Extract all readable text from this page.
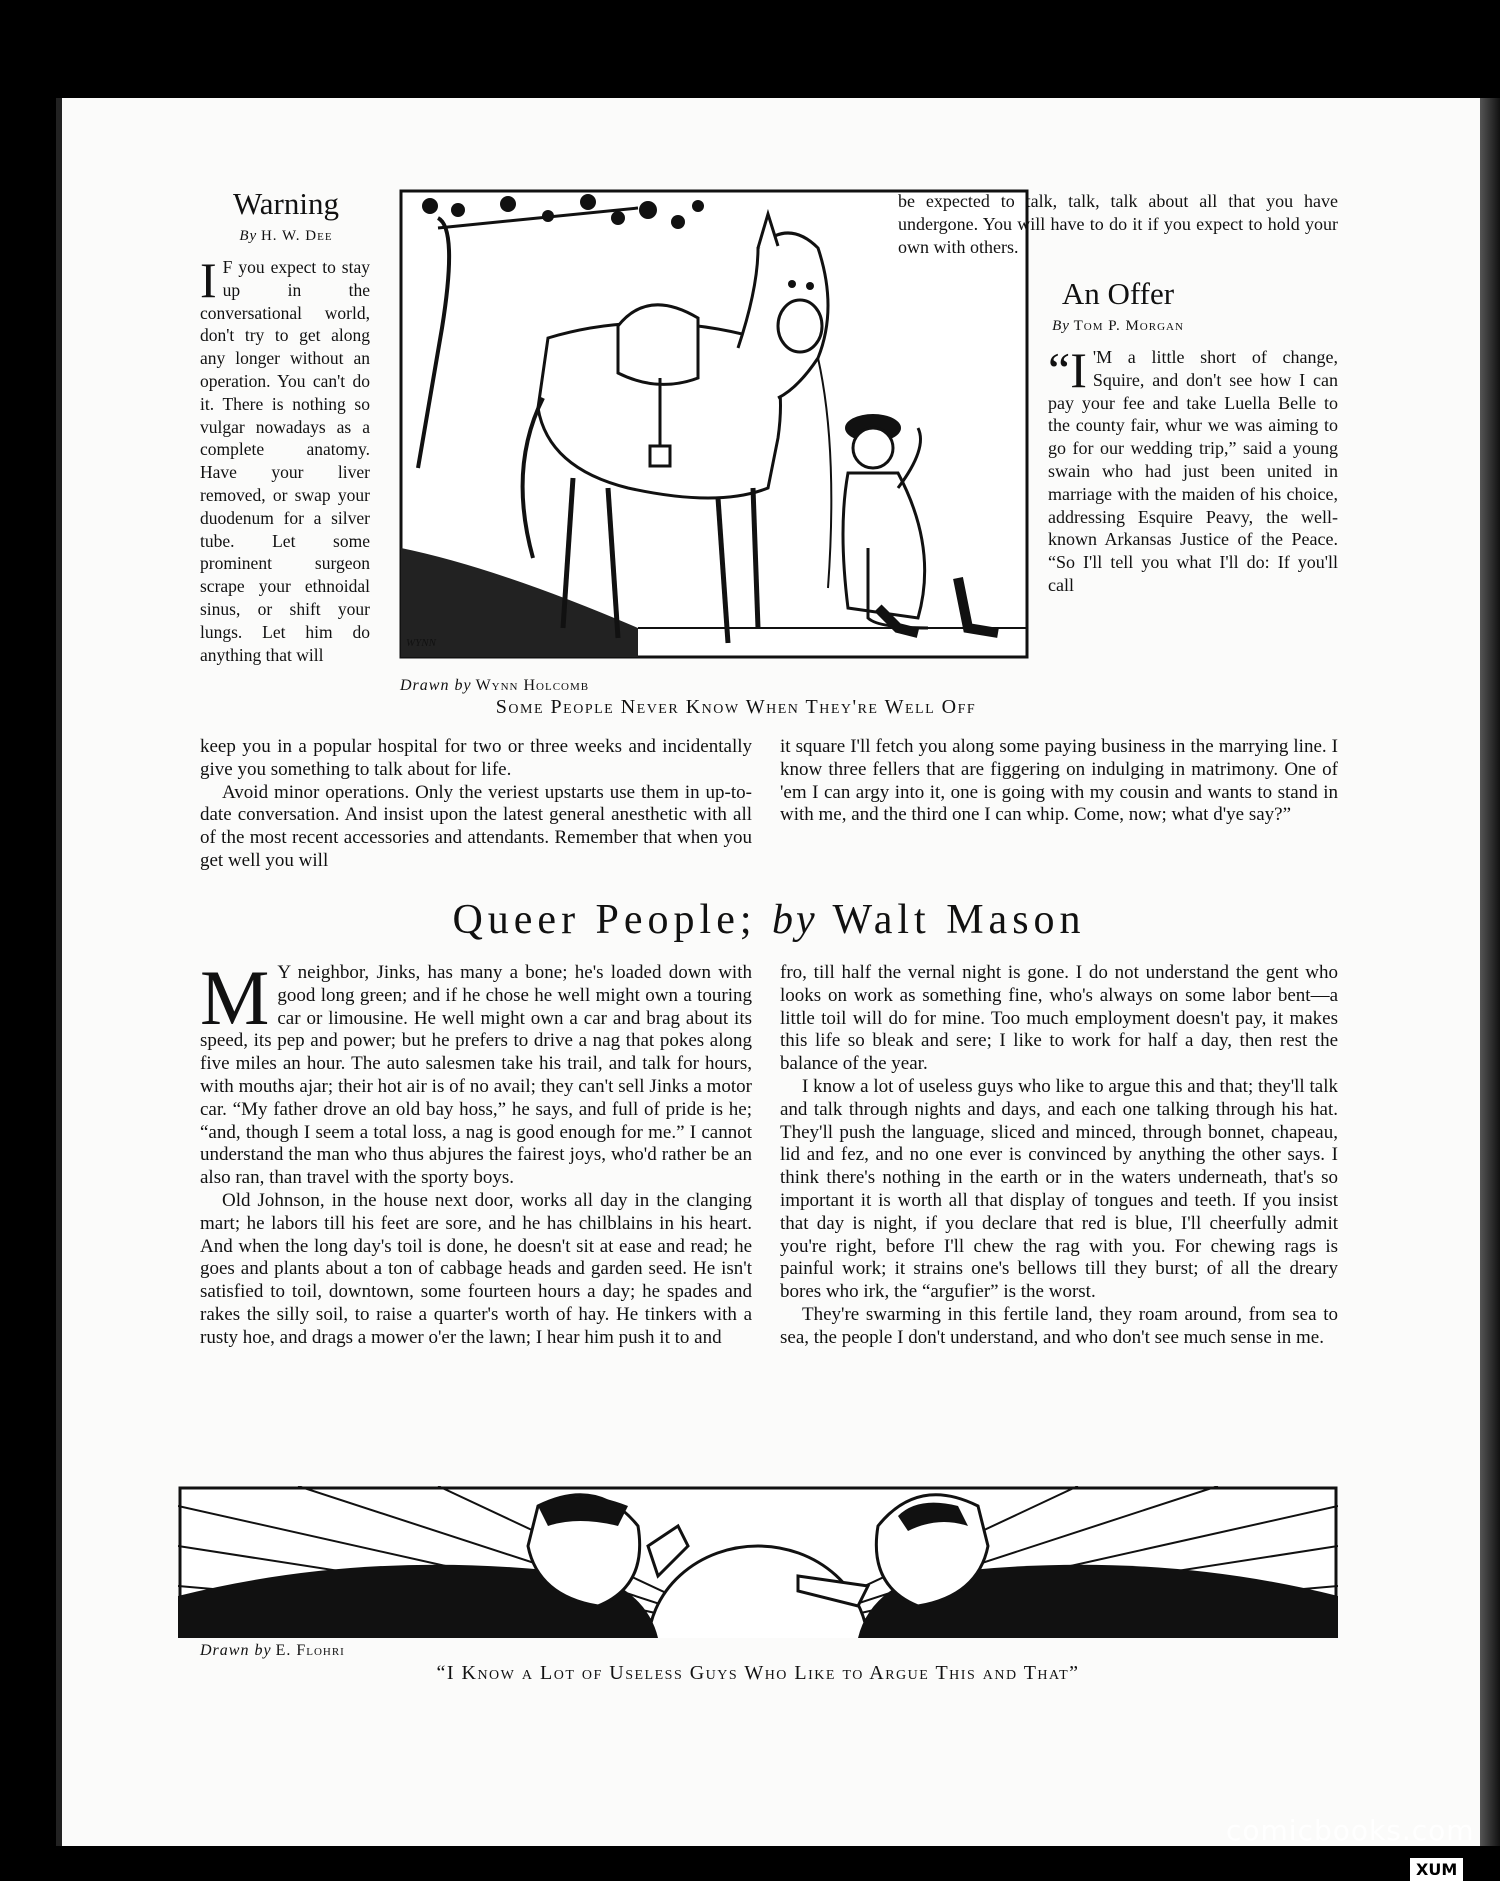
Warning
By H. W. Dee

I F you expect to stay up in the conversational world, don't try to get along any longer without an operation. You can't do it. There is nothing so vulgar nowadays as a complete anatomy. Have your liver removed, or swap your duodenum for a silver tube. Let some prominent surgeon scrape your ethnoidal sinus, or shift your lungs. Let him do anything that will

keep you in a popular hospital for two or three weeks and incidentally give you something to talk about for life.

Avoid minor operations. Only the veriest upstarts use them in up-to-date conversation. And insist upon the latest general anesthetic with all of the most recent accessories and attendants. Remember that when you get well you will

WYNN
Drawn by Wynn Holcomb
Some People Never Know When They're Well Off

be expected to talk, talk, talk about all that you have undergone. You will have to do it if you expect to hold your own with others.

An Offer
By Tom P. Morgan

“I 'M a little short of change, Squire, and don't see how I can pay your fee and take Luella Belle to the county fair, whur we was aiming to go for our wedding trip,” said a young swain who had just been united in marriage with the maiden of his choice, addressing Esquire Peavy, the well-known Arkansas Justice of the Peace. “So I'll tell you what I'll do: If you'll call

it square I'll fetch you along some paying business in the marrying line. I know three fellers that are figgering on indulging in matrimony. One of 'em I can argy into it, one is going with my cousin and wants to stand in with me, and the third one I can whip. Come, now; what d'ye say?”

Queer People; by Walt Mason

M Y neighbor, Jinks, has many a bone; he's loaded down with good long green; and if he chose he well might own a touring car or limousine. He well might own a car and brag about its speed, its pep and power; but he prefers to drive a nag that pokes along five miles an hour. The auto salesmen take his trail, and talk for hours, with mouths ajar; their hot air is of no avail; they can't sell Jinks a motor car. “My father drove an old bay hoss,” he says, and full of pride is he; “and, though I seem a total loss, a nag is good enough for me.” I cannot understand the man who thus abjures the fairest joys, who'd rather be an also ran, than travel with the sporty boys.

Old Johnson, in the house next door, works all day in the clanging mart; he labors till his feet are sore, and he has chilblains in his heart. And when the long day's toil is done, he doesn't sit at ease and read; he goes and plants about a ton of cabbage heads and garden seed. He isn't satisfied to toil, downtown, some fourteen hours a day; he spades and rakes the silly soil, to raise a quarter's worth of hay. He tinkers with a rusty hoe, and drags a mower o'er the lawn; I hear him push it to and

fro, till half the vernal night is gone. I do not understand the gent who looks on work as something fine, who's always on some labor bent—a little toil will do for mine. Too much employment doesn't pay, it makes this life so bleak and sere; I like to work for half a day, then rest the balance of the year.

I know a lot of useless guys who like to argue this and that; they'll talk and talk through nights and days, and each one talking through his hat. They'll push the language, sliced and minced, through bonnet, chapeau, lid and fez, and no one ever is convinced by anything the other says. I think there's nothing in the earth or in the waters underneath, that's so important it is worth all that display of tongues and teeth. If you insist that day is night, if you declare that red is blue, I'll cheerfully admit you're right, before I'll chew the rag with you. For chewing rags is painful work; it strains one's bellows till they burst; of all the dreary bores who irk, the “argufier” is the worst.

They're swarming in this fertile land, they roam around, from sea to sea, the people I don't understand, and who don't see much sense in me.

Drawn by E. Flohri
“I Know a Lot of Useless Guys Who Like to Argue This and That”
comicbooks.com
XUM
